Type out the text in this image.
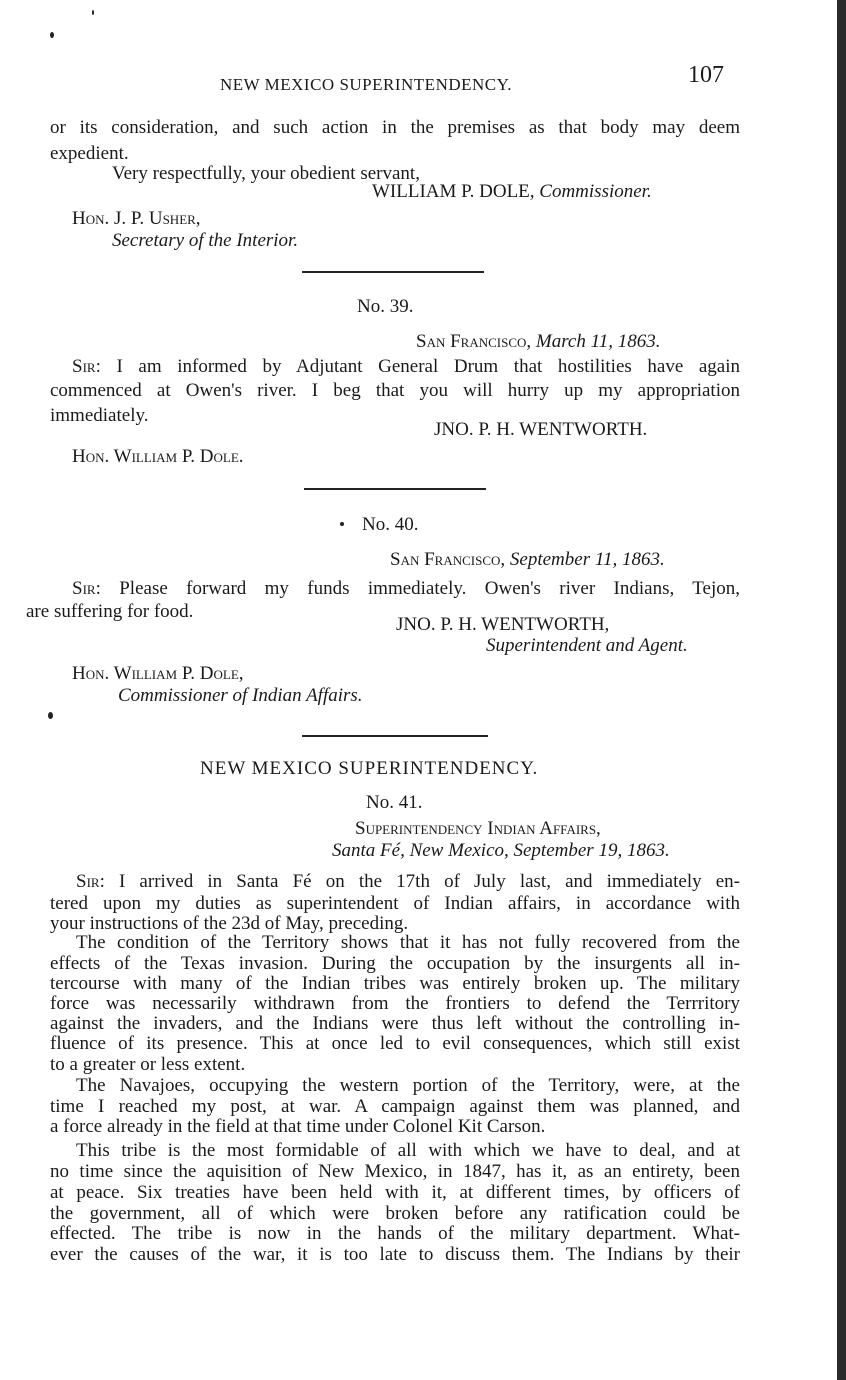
NEW MEXICO SUPERINTENDENCY.	107
or its consideration, and such action in the premises as that body may deem
expedient.
Very respectfully, your obedient servant,
WILLIAM P. DOLE, Commissioner.
Hon. J. P. Usher,
Secretary of the Interior.
No. 39.
San Francisco, March 11, 1863.
Sir: I am informed by Adjutant General Drum that hostilities have again
commenced at Owen's river. I beg that you will hurry up my appropriation
immediately.
JNO. P. H. WENTWORTH.
Hon. William P. Dole.
No. 40.
San Francisco, September 11, 1863.
Sir: Please forward my funds immediately. Owen's river Indians, Tejon,
are suffering for food.
JNO. P. H. WENTWORTH,
Superintendent and Agent.
Hon. William P. Dole,
Commissioner of Indian Affairs.
NEW MEXICO SUPERINTENDENCY.
No. 41.
Superintendency Indian Affairs,
Santa Fé, New Mexico, September 19, 1863.
Sir: I arrived in Santa Fé on the 17th of July last, and immediately en-
tered upon my duties as superintendent of Indian affairs, in accordance with
your instructions of the 23d of May, preceding.
The condition of the Territory shows that it has not fully recovered from the
effects of the Texas invasion. During the occupation by the insurgents all in-
tercourse with many of the Indian tribes was entirely broken up. The military
force was necessarily withdrawn from the frontiers to defend the Terrritory
against the invaders, and the Indians were thus left without the controlling in-
fluence of its presence. This at once led to evil consequences, which still exist
to a greater or less extent.
The Navajoes, occupying the western portion of the Territory, were, at the
time I reached my post, at war. A campaign against them was planned, and
a force already in the field at that time under Colonel Kit Carson.
This tribe is the most formidable of all with which we have to deal, and at
no time since the aquisition of New Mexico, in 1847, has it, as an entirety, been
at peace. Six treaties have been held with it, at different times, by officers of
the government, all of which were broken before any ratification could be
effected. The tribe is now in the hands of the military department. What-
ever the causes of the war, it is too late to discuss them. The Indians by their
